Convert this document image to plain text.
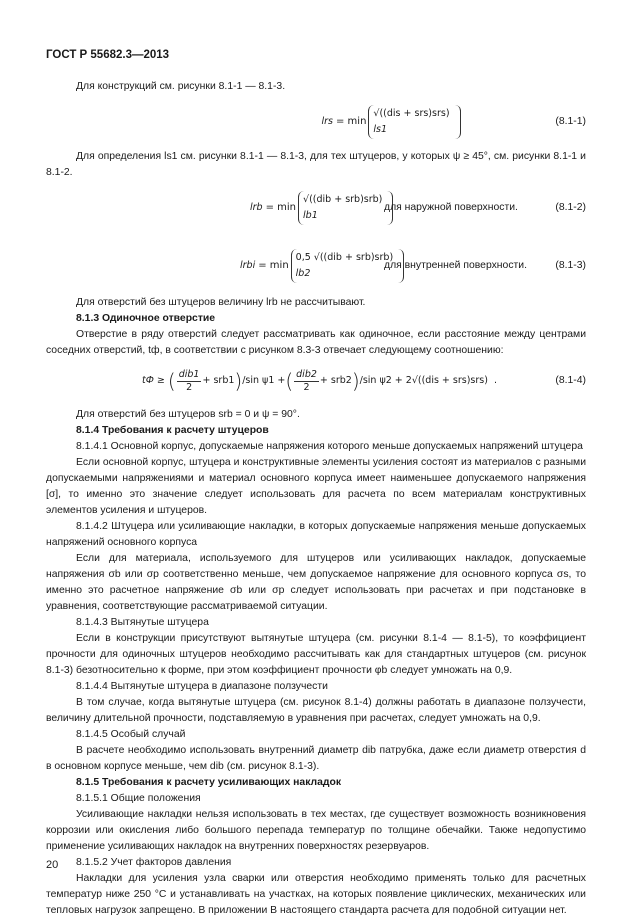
ГОСТ Р 55682.3—2013

Для конструкций см. рисунки 8.1-1 — 8.1-3.

lrs
= min
√((dis + srs)srs)
ls1
(8.1-1)

Для определения ls1 см. рисунки 8.1-1 — 8.1-3, для тех штуцеров, у которых ψ ≥ 45°, см. рисунки 8.1-1 и 8.1-2.

lrb
= min
√((dib + srb)srb)
lb1
для наружной поверхности.	(8.1-2)
lrbi
= min
0,5 √((dib + srb)srb)
lb2
для внутренней поверхности.	(8.1-3)

Для отверстий без штуцеров величину lrb не рассчитывают.

8.1.3 Одиночное отверстие

Отверстие в ряду отверстий следует рассматривать как одиночное, если расстояние между центрами соседних отверстий, tф, в соответствии с рисунком 8.3-3 отвечает следующему соотношению:

tФ ≥
( $\frac{\text{dib1}}{2} + srb1$ ) /sin ψ1 + ( $\frac{\text{dib2}}{2} + srb2$ ) /sin ψ2 + 2 √((dis + srs)srs)
.	(8.1-4)

Для отверстий без штуцеров srb = 0 и ψ = 90°.

8.1.4 Требования к расчету штуцеров

8.1.4.1 Основной корпус, допускаемые напряжения которого меньше допускаемых напряжений штуцера

Если основной корпус, штуцера и конструктивные элементы усиления состоят из материалов с разными допускаемыми напряжениями и материал основного корпуса имеет наименьшее допускаемого напряжения [σ], то именно это значение следует использовать для расчета по всем материалам конструктивных элементов усиления и штуцеров.

8.1.4.2 Штуцера или усиливающие накладки, в которых допускаемые напряжения меньше допускаемых напряжений основного корпуса

Если для материала, используемого для штуцеров или усиливающих накладок, допускаемые напряжения σb или σp соответственно меньше, чем допускаемое напряжение для основного корпуса σs, то именно это расчетное напряжение σb или σp следует использовать при расчетах и при подстановке в уравнения, соответствующие рассматриваемой ситуации.

8.1.4.3 Вытянутые штуцера

Если в конструкции присутствуют вытянутые штуцера (см. рисунки 8.1-4 — 8.1-5), то коэффициент прочности для одиночных штуцеров необходимо рассчитывать как для стандартных штуцеров (см. рисунок 8.1-3) безотносительно к форме, при этом коэффициент прочности φb следует умножать на 0,9.

8.1.4.4 Вытянутые штуцера в диапазоне ползучести

В том случае, когда вытянутые штуцера (см. рисунок 8.1-4) должны работать в диапазоне ползучести, величину длительной прочности, подставляемую в уравнения при расчетах, следует умножать на 0,9.

8.1.4.5 Особый случай

В расчете необходимо использовать внутренний диаметр dib патрубка, даже если диаметр отверстия d в основном корпусе меньше, чем dib (см. рисунок 8.1-3).

8.1.5 Требования к расчету усиливающих накладок

8.1.5.1 Общие положения

Усиливающие накладки нельзя использовать в тех местах, где существует возможность возникновения коррозии или окисления либо большого перепада температур по толщине обечайки. Также недопустимо применение усиливающих накладок на внутренних поверхностях резервуаров.

8.1.5.2 Учет факторов давления

Накладки для усиления узла сварки или отверстия необходимо применять только для расчетных температур ниже 250 °C и устанавливать на участках, на которых появление циклических, механических или тепловых нагрузок запрещено. В приложении В настоящего стандарта расчета для подобной ситуации нет.

20
